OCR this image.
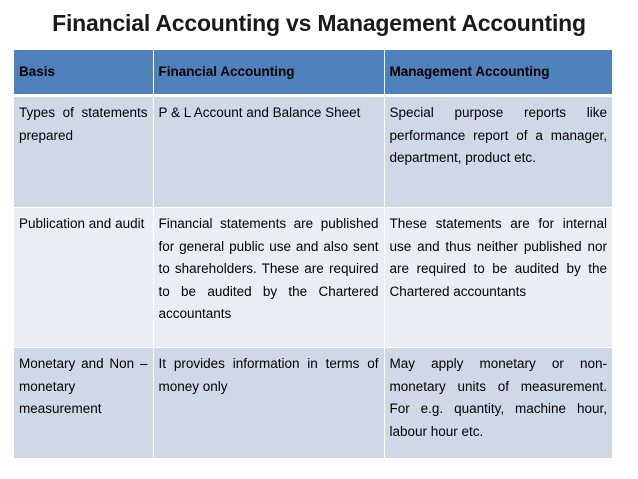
Financial Accounting vs Management Accounting
Basis	Financial Accounting	Management Accounting
Types of statements prepared	P & L Account and Balance Sheet	Special purpose reports like performance report of a manager, department, product etc.
Publication and audit	Financial statements are published for general public use and also sent to shareholders. These are required to be audited by the Chartered accountants	These statements are for internal use and thus neither published nor are required to be audited by the Chartered accountants
Monetary and Non – monetary measurement	It provides information in terms of money only	May apply monetary or non-monetary units of measurement. For e.g. quantity, machine hour, labour hour etc.
